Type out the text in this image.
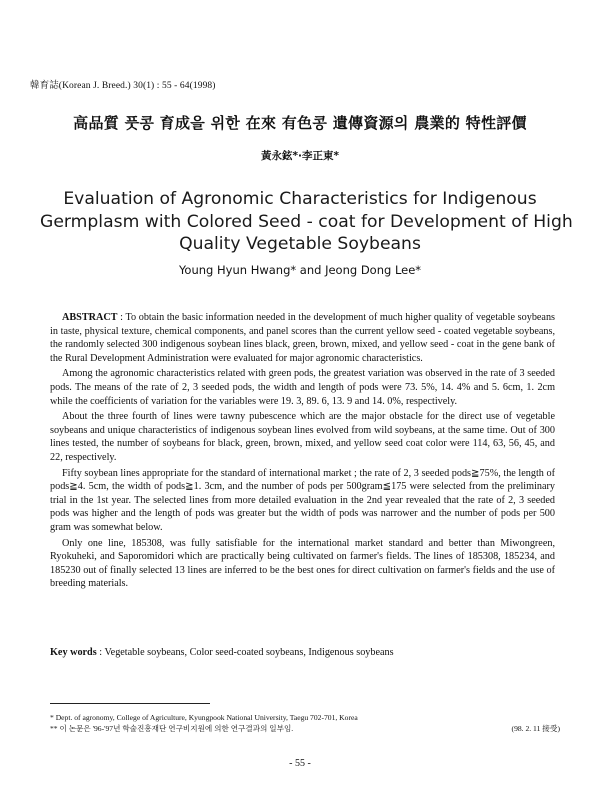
韓育誌(Korean J. Breed.) 30(1) : 55 - 64(1998)
高品質 풋콩 育成을 위한 在來 有色콩 遺傳資源의 農業的 特性評價
黃永鉉*·李正東*
Evaluation of Agronomic Characteristics for Indigenous
Germplasm with Colored Seed - coat for Development of High
Quality Vegetable Soybeans
Young Hyun Hwang* and Jeong Dong Lee*

ABSTRACT : To obtain the basic information needed in the development of much higher quality of vegetable soybeans in taste, physical texture, chemical components, and panel scores than the current yellow seed - coated vegetable soybeans, the randomly selected 300 indigenous soybean lines black, green, brown, mixed, and yellow seed - coat in the gene bank of the Rural Development Administration were evaluated for major agronomic characteristics.

Among the agronomic characteristics related with green pods, the greatest variation was observed in the rate of 3 seeded pods. The means of the rate of 2, 3 seeded pods, the width and length of pods were 73. 5%, 14. 4% and 5. 6cm, 1. 2cm while the coefficients of variation for the variables were 19. 3, 89. 6, 13. 9 and 14. 0%, respectively.

About the three fourth of lines were tawny pubescence which are the major obstacle for the direct use of vegetable soybeans and unique characteristics of indigenous soybean lines evolved from wild soybeans, at the same time. Out of 300 lines tested, the number of soybeans for black, green, brown, mixed, and yellow seed coat color were 114, 63, 56, 45, and 22, respectively.

Fifty soybean lines appropriate for the standard of international market ; the rate of 2, 3 seeded pods≧75%, the length of pods≧4. 5cm, the width of pods≧1. 3cm, and the number of pods per 500gram≦175 were selected from the preliminary trial in the 1st year. The selected lines from more detailed evaluation in the 2nd year revealed that the rate of 2, 3 seeded pods was higher and the length of pods was greater but the width of pods was narrower and the number of pods per 500 gram was somewhat below.

Only one line, 185308, was fully satisfiable for the international market standard and better than Miwongreen, Ryokuheki, and Saporomidori which are practically being cultivated on farmer's fields. The lines of 185308, 185234, and 185230 out of finally selected 13 lines are inferred to be the best ones for direct cultivation on farmer's fields and the use of breeding materials.

Key words : Vegetable soybeans, Color seed-coated soybeans, Indigenous soybeans
* Dept. of agronomy, College of Agriculture, Kyungpook National University, Taegu 702-701, Korea
** 이 논문은 '96-'97년 학술진흥재단 연구비지원에 의한 연구결과의 일부임.	(98. 2. 11 接受)
- 55 -
